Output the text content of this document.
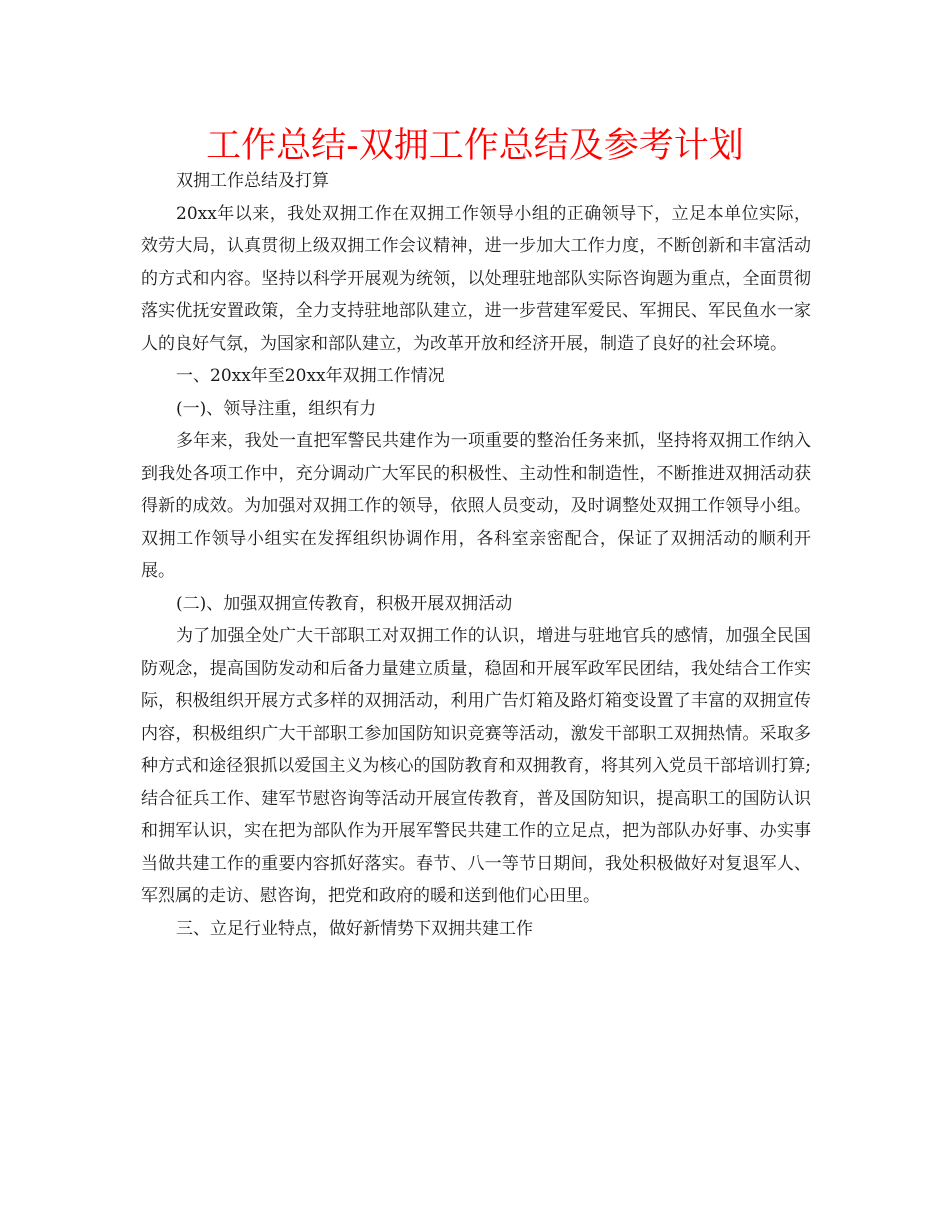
工作总结-双拥工作总结及参考计划

双拥工作总结及打算

20xx年以来，我处双拥工作在双拥工作领导小组的正确领导下，立足本单位实际，效劳大局，认真贯彻上级双拥工作会议精神，进一步加大工作力度，不断创新和丰富活动的方式和内容。坚持以科学开展观为统领，以处理驻地部队实际咨询题为重点，全面贯彻落实优抚安置政策，全力支持驻地部队建立，进一步营建军爱民、军拥民、军民鱼水一家人的良好气氛，为国家和部队建立，为改革开放和经济开展，制造了良好的社会环境。

一、20xx年至20xx年双拥工作情况

(一)、领导注重，组织有力

多年来，我处一直把军警民共建作为一项重要的整治任务来抓，坚持将双拥工作纳入到我处各项工作中，充分调动广大军民的积极性、主动性和制造性，不断推进双拥活动获得新的成效。为加强对双拥工作的领导，依照人员变动，及时调整处双拥工作领导小组。双拥工作领导小组实在发挥组织协调作用，各科室亲密配合，保证了双拥活动的顺利开展。

(二)、加强双拥宣传教育，积极开展双拥活动

为了加强全处广大干部职工对双拥工作的认识，增进与驻地官兵的感情，加强全民国防观念，提高国防发动和后备力量建立质量，稳固和开展军政军民团结，我处结合工作实际，积极组织开展方式多样的双拥活动，利用广告灯箱及路灯箱变设置了丰富的双拥宣传内容，积极组织广大干部职工参加国防知识竞赛等活动，激发干部职工双拥热情。采取多种方式和途径狠抓以爱国主义为核心的国防教育和双拥教育，将其列入党员干部培训打算;结合征兵工作、建军节慰咨询等活动开展宣传教育，普及国防知识，提高职工的国防认识和拥军认识，实在把为部队作为开展军警民共建工作的立足点，把为部队办好事、办实事当做共建工作的重要内容抓好落实。春节、八一等节日期间，我处积极做好对复退军人、军烈属的走访、慰咨询，把党和政府的暖和送到他们心田里。

三、立足行业特点，做好新情势下双拥共建工作
